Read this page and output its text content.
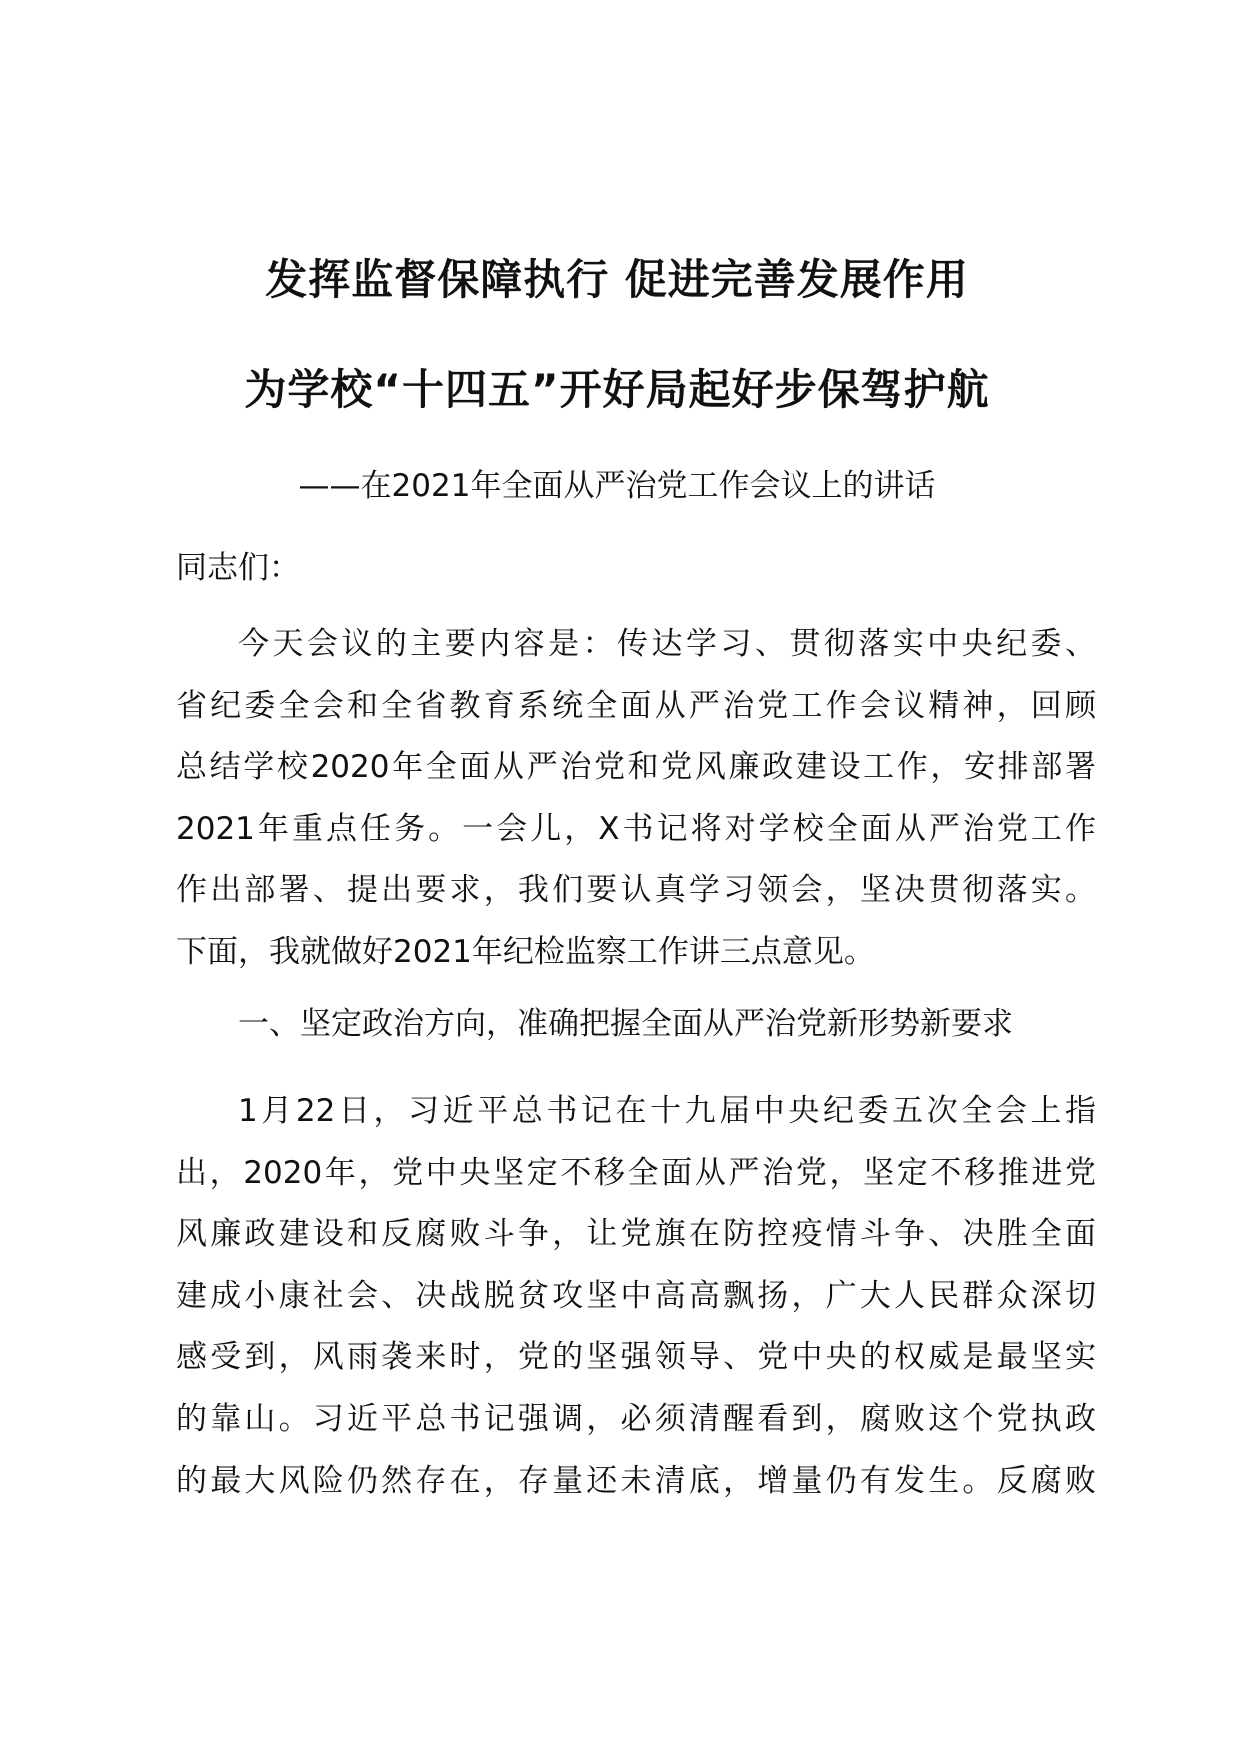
发挥监督保障执行 促进完善发展作用
为学校“十四五”开好局起好步保驾护航
——在2021年全面从严治党工作会议上的讲话
同志们：
今天会议的主要内容是：传达学习、贯彻落实中央纪委、
省纪委全会和全省教育系统全面从严治党工作会议精神，回顾
总结学校2020年全面从严治党和党风廉政建设工作，安排部署
2021年重点任务。一会儿，X书记将对学校全面从严治党工作
作出部署、提出要求，我们要认真学习领会，坚决贯彻落实。
下面，我就做好2021年纪检监察工作讲三点意见。
一、坚定政治方向，准确把握全面从严治党新形势新要求
1月22日，习近平总书记在十九届中央纪委五次全会上指
出，2020年，党中央坚定不移全面从严治党，坚定不移推进党
风廉政建设和反腐败斗争，让党旗在防控疫情斗争、决胜全面
建成小康社会、决战脱贫攻坚中高高飘扬，广大人民群众深切
感受到，风雨袭来时，党的坚强领导、党中央的权威是最坚实
的靠山。习近平总书记强调，必须清醒看到，腐败这个党执政
的最大风险仍然存在，存量还未清底，增量仍有发生。反腐败
